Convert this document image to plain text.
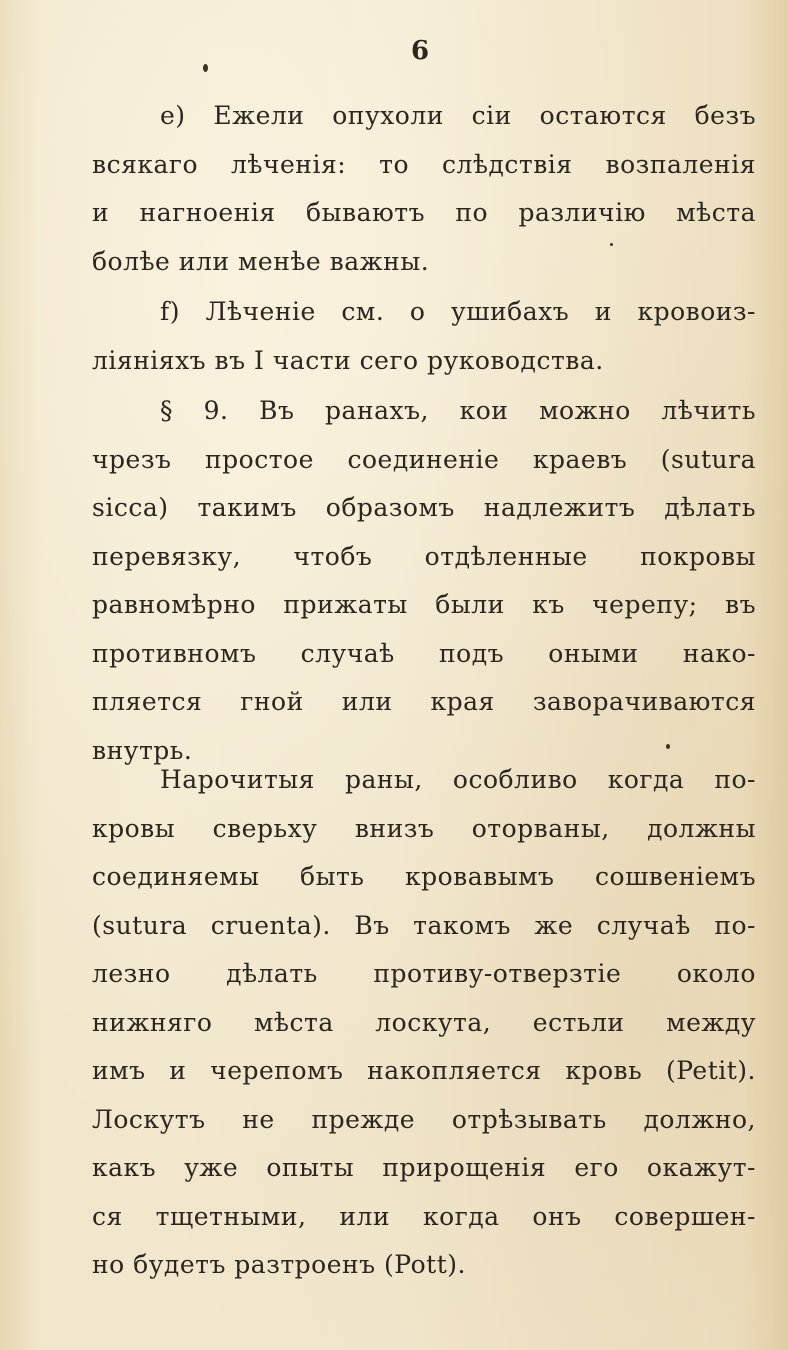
6
e) Ежели опухоли сiи остаются безъ
всякаго лѣченiя: то слѣдствiя возпаленiя
и нагноенiя бываютъ по различiю мѣста
болѣе или менѣе важны.
f) Лѣченiе см. о ушибахъ и кровоиз-
лiянiяхъ въ I части сего руководства.
§ 9. Въ ранахъ, кои можно лѣчить
чрезъ простое соединенiе краевъ (sutura
sicca) такимъ образомъ надлежитъ дѣлать
перевязку, чтобъ отдѣленные покровы
равномѣрно прижаты были къ черепу; въ
противномъ случаѣ подъ оными нако-
пляется гной или края заворачиваются
внутрь.
Нарочитыя раны, особливо когда по-
кровы сверьху внизъ оторваны, должны
соединяемы быть кровавымъ сошвенiемъ
(sutura cruenta). Въ такомъ же случаѣ по-
лезно дѣлать противу-отверзтiе около
нижняго мѣста лоскута, естьли между
имъ и черепомъ накопляется кровь (Petit).
Лоскутъ не прежде отрѣзывать должно,
какъ уже опыты прирощенiя его окажут-
ся тщетными, или когда онъ совершен-
но будетъ разтроенъ (Pott).
